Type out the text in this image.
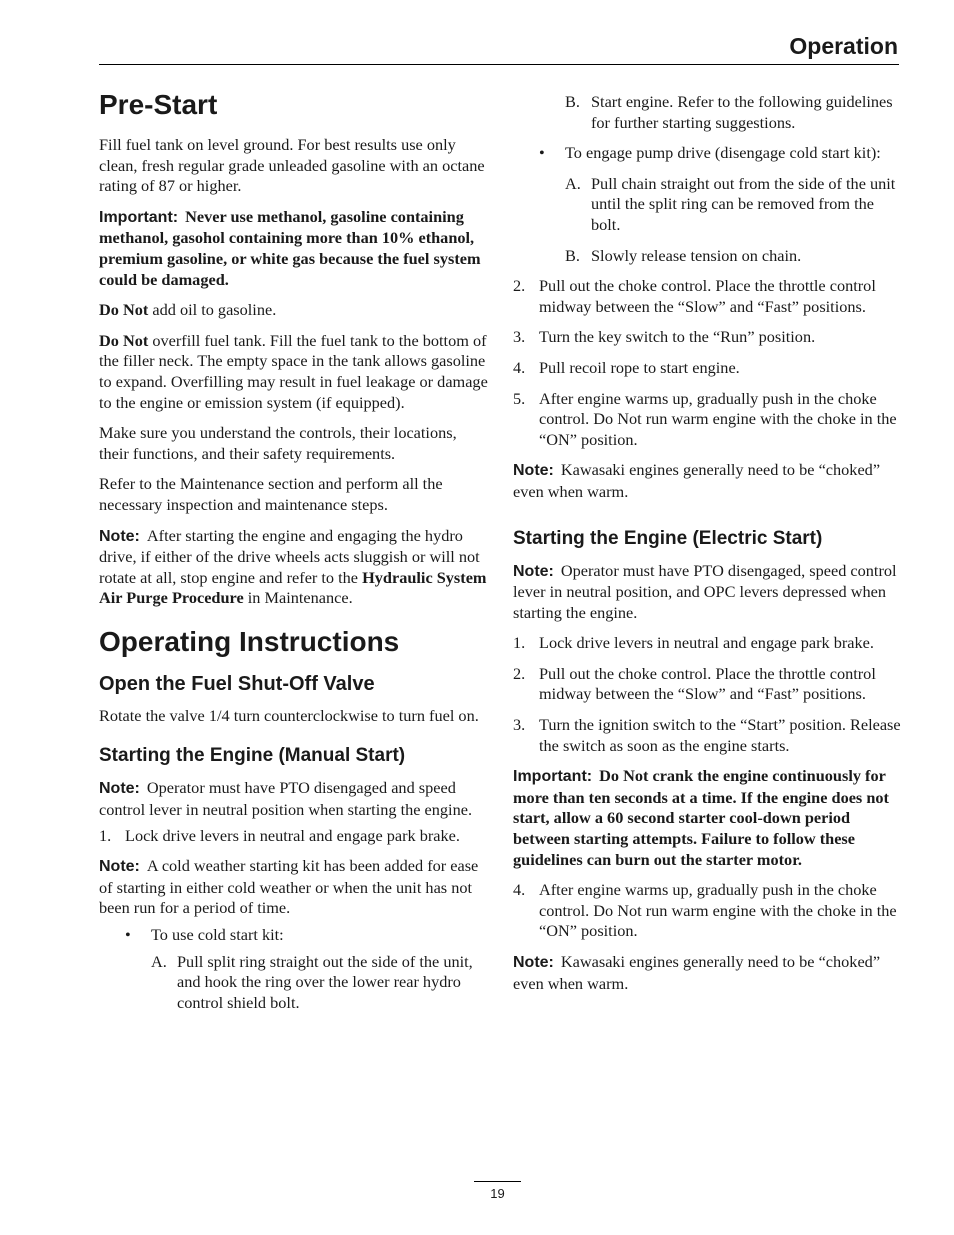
Operation
Pre-Start

Fill fuel tank on level ground. For best results use only clean, fresh regular grade unleaded gasoline with an octane rating of 87 or higher.

Important: Never use methanol, gasoline containing methanol, gasohol containing more than 10% ethanol, premium gasoline, or white gas because the fuel system could be damaged.

Do Not add oil to gasoline.

Do Not overfill fuel tank. Fill the fuel tank to the bottom of the filler neck. The empty space in the tank allows gasoline to expand. Overfilling may result in fuel leakage or damage to the engine or emission system (if equipped).

Make sure you understand the controls, their locations, their functions, and their safety requirements.

Refer to the Maintenance section and perform all the necessary inspection and maintenance steps.

Note: After starting the engine and engaging the hydro drive, if either of the drive wheels acts sluggish or will not rotate at all, stop engine and refer to the Hydraulic System Air Purge Procedure in Maintenance.

Operating Instructions
Open the Fuel Shut-Off Valve

Rotate the valve 1/4 turn counterclockwise to turn fuel on.

Starting the Engine (Manual Start)

Note: Operator must have PTO disengaged and speed control lever in neutral position when starting the engine.

1. Lock drive levers in neutral and engage park brake.

Note: A cold weather starting kit has been added for ease of starting in either cold weather or when the unit has not been run for a period of time.

•	To use cold start kit:
A. Pull split ring straight out the side of the unit, and hook the ring over the lower rear hydro control shield bolt.
B. Start engine. Refer to the following guidelines for further starting suggestions.
•	To engage pump drive (disengage cold start kit):
A. Pull chain straight out from the side of the unit until the split ring can be removed from the bolt.
B. Slowly release tension on chain.
2. Pull out the choke control. Place the throttle control midway between the “Slow” and “Fast” positions.
3. Turn the key switch to the “Run” position.
4. Pull recoil rope to start engine.
5. After engine warms up, gradually push in the choke control. Do Not run warm engine with the choke in the “ON” position.

Note: Kawasaki engines generally need to be “choked” even when warm.

Starting the Engine (Electric Start)

Note: Operator must have PTO disengaged, speed control lever in neutral position, and OPC levers depressed when starting the engine.

1. Lock drive levers in neutral and engage park brake.
2. Pull out the choke control. Place the throttle control midway between the “Slow” and “Fast” positions.
3. Turn the ignition switch to the “Start” position. Release the switch as soon as the engine starts.

Important: Do Not crank the engine continuously for more than ten seconds at a time. If the engine does not start, allow a 60 second starter cool-down period between starting attempts. Failure to follow these guidelines can burn out the starter motor.

4. After engine warms up, gradually push in the choke control. Do Not run warm engine with the choke in the “ON” position.

Note: Kawasaki engines generally need to be “choked” even when warm.

19
